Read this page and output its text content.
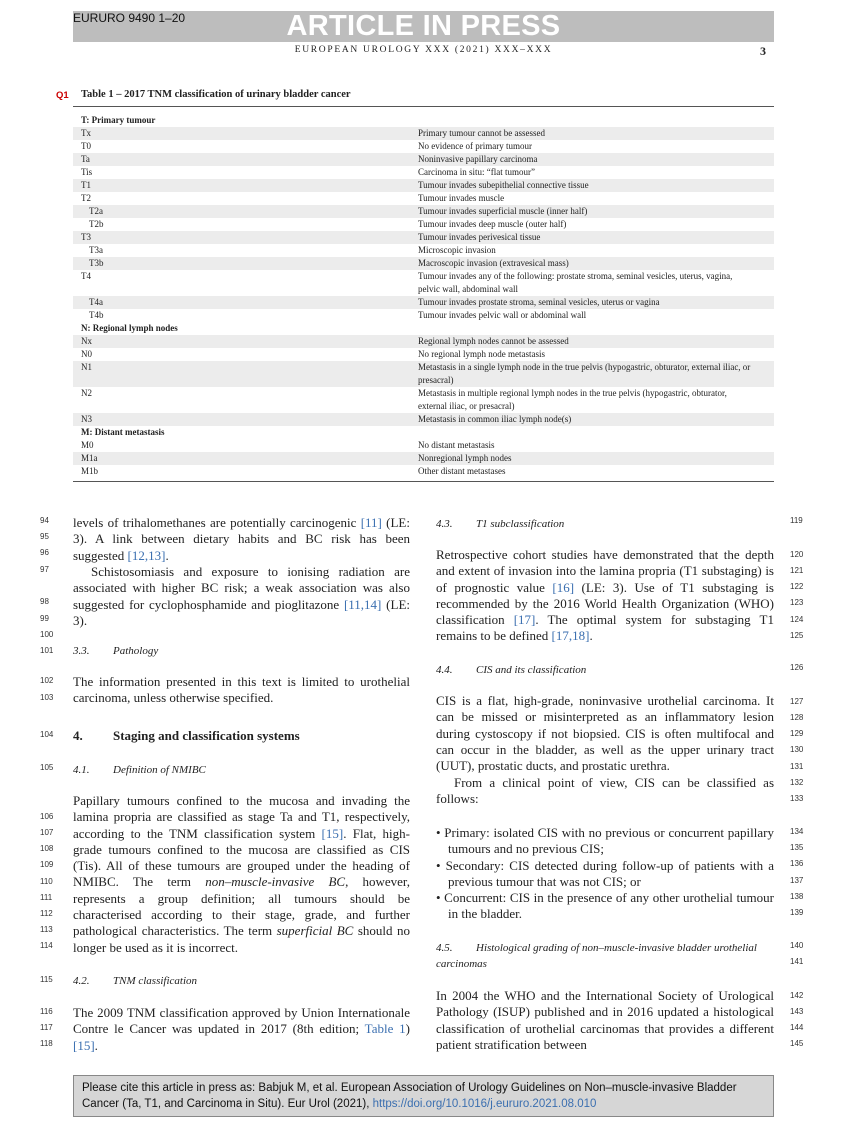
ARTICLE IN PRESS
EURURO 9490 1–20
EUROPEAN UROLOGY XXX (2021) XXX–XXX	3
Q1 Table 1 – 2017 TNM classification of urinary bladder cancer
T: Primary tumour
Tx	Primary tumour cannot be assessed
T0	No evidence of primary tumour
Ta	Noninvasive papillary carcinoma
Tis	Carcinoma in situ: “flat tumour”
T1	Tumour invades subepithelial connective tissue
T2	Tumour invades muscle
T2a	Tumour invades superficial muscle (inner half)
T2b	Tumour invades deep muscle (outer half)
T3	Tumour invades perivesical tissue
T3a	Microscopic invasion
T3b	Macroscopic invasion (extravesical mass)
T4	Tumour invades any of the following: prostate stroma, seminal vesicles, uterus, vagina, pelvic wall, abdominal wall
T4a	Tumour invades prostate stroma, seminal vesicles, uterus or vagina
T4b	Tumour invades pelvic wall or abdominal wall
N: Regional lymph nodes
Nx	Regional lymph nodes cannot be assessed
N0	No regional lymph node metastasis
N1	Metastasis in a single lymph node in the true pelvis (hypogastric, obturator, external iliac, or presacral)
N2	Metastasis in multiple regional lymph nodes in the true pelvis (hypogastric, obturator, external iliac, or presacral)
N3	Metastasis in common iliac lymph node(s)
M: Distant metastasis
M0	No distant metastasis
M1a	Nonregional lymph nodes
M1b	Other distant metastases
levels of trihalomethanes are potentially carcinogenic [11] (LE: 3). A link between dietary habits and BC risk has been suggested [12,13].
Schistosomiasis and exposure to ionising radiation are associated with higher BC risk; a weak association was also suggested for cyclophosphamide and pioglitazone [11,14] (LE: 3).
3.3. Pathology
The information presented in this text is limited to urothelial carcinoma, unless otherwise specified.
4. Staging and classification systems
4.1. Definition of NMIBC
Papillary tumours confined to the mucosa and invading the lamina propria are classified as stage Ta and T1, respectively, according to the TNM classification system [15]. Flat, high-grade tumours confined to the mucosa are classified as CIS (Tis). All of these tumours are grouped under the heading of NMIBC. The term non–muscle-invasive BC, however, represents a group definition; all tumours should be characterised according to their stage, grade, and further pathological characteristics. The term superficial BC should no longer be used as it is incorrect.
4.2. TNM classification
The 2009 TNM classification approved by Union Internationale Contre le Cancer was updated in 2017 (8th edition; Table 1) [15].
4.3. T1 subclassification
Retrospective cohort studies have demonstrated that the depth and extent of invasion into the lamina propria (T1 substaging) is of prognostic value [16] (LE: 3). Use of T1 substaging is recommended by the 2016 World Health Organization (WHO) classification [17]. The optimal system for substaging T1 remains to be defined [17,18].
4.4. CIS and its classification
CIS is a flat, high-grade, noninvasive urothelial carcinoma. It can be missed or misinterpreted as an inflammatory lesion during cystoscopy if not biopsied. CIS is often multifocal and can occur in the bladder, as well as the upper urinary tract (UUT), prostatic ducts, and prostatic urethra.
From a clinical point of view, CIS can be classified as follows:
• Primary: isolated CIS with no previous or concurrent papillary tumours and no previous CIS;
• Secondary: CIS detected during follow-up of patients with a previous tumour that was not CIS; or
• Concurrent: CIS in the presence of any other urothelial tumour in the bladder.
4.5. Histological grading of non–muscle-invasive bladder urothelial carcinomas
In 2004 the WHO and the International Society of Urological Pathology (ISUP) published and in 2016 updated a histological classification of urothelial carcinomas that provides a different patient stratification between
Please cite this article in press as: Babjuk M, et al. European Association of Urology Guidelines on Non–muscle-invasive Bladder Cancer (Ta, T1, and Carcinoma in Situ). Eur Urol (2021), https://doi.org/10.1016/j.eururo.2021.08.010
94
95
96
97
98
99
100
101
102
103
104
105
106
107
108
109
110
111
112
113
114
115
116
117
118
119
120
121
122
123
124
125
126
127
128
129
130
131
132
133
134
135
136
137
138
139
140
141
142
143
144
145
